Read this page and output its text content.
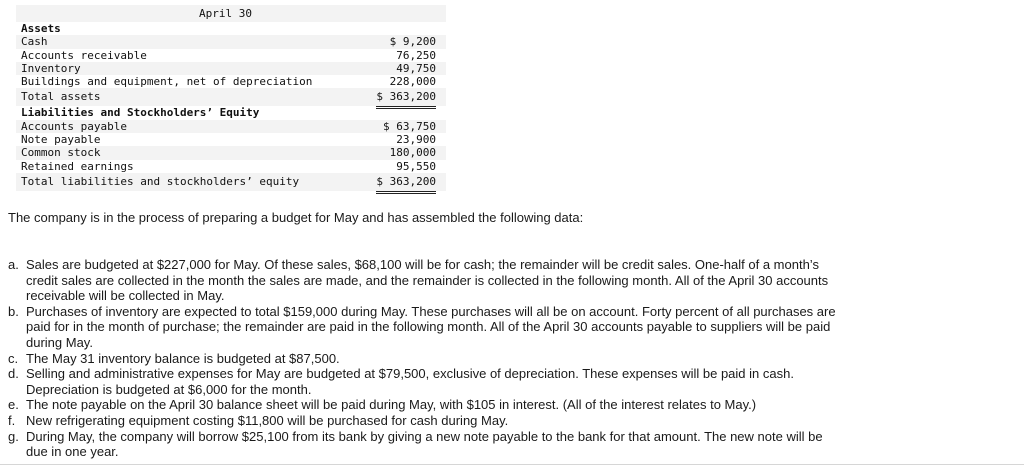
April 30
Assets
Cash	$ 9,200
Accounts receivable	76,250
Inventory	49,750
Buildings and equipment, net of depreciation	228,000
Total assets	$ 363,200
Liabilities and Stockholders’ Equity
Accounts payable	$ 63,750
Note payable	23,900
Common stock	180,000
Retained earnings	95,550
Total liabilities and stockholders’ equity	$ 363,200
The company is in the process of preparing a budget for May and has assembled the following data:
a. Sales are budgeted at $227,000 for May. Of these sales, $68,100 will be for cash; the remainder will be credit sales. One-half of a month’s credit sales are collected in the month the sales are made, and the remainder is collected in the following month. All of the April 30 accounts receivable will be collected in May.
b. Purchases of inventory are expected to total $159,000 during May. These purchases will all be on account. Forty percent of all purchases are paid for in the month of purchase; the remainder are paid in the following month. All of the April 30 accounts payable to suppliers will be paid during May.
c. The May 31 inventory balance is budgeted at $87,500.
d. Selling and administrative expenses for May are budgeted at $79,500, exclusive of depreciation. These expenses will be paid in cash. Depreciation is budgeted at $6,000 for the month.
e. The note payable on the April 30 balance sheet will be paid during May, with $105 in interest. (All of the interest relates to May.)
f. New refrigerating equipment costing $11,800 will be purchased for cash during May.
g. During May, the company will borrow $25,100 from its bank by giving a new note payable to the bank for that amount. The new note will be due in one year.
